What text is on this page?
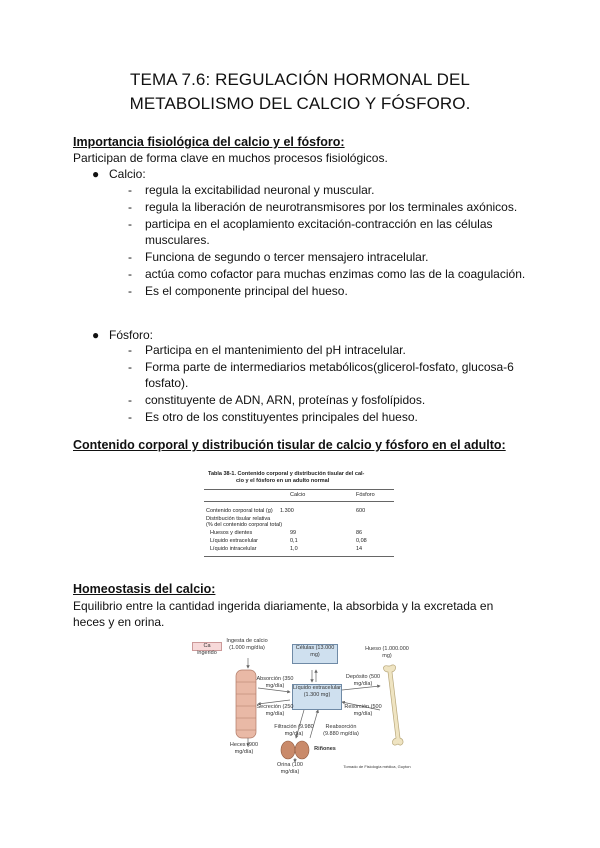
TEMA 7.6: REGULACIÓN HORMONAL DEL
METABOLISMO DEL CALCIO Y FÓSFORO.
Importancia fisiológica del calcio y el fósforo:
Participan de forma clave en muchos procesos fisiológicos.
● Calcio:
- regula la excitabilidad neuronal y muscular.
- regula la liberación de neurotransmisores por los terminales axónicos.
- participa en el acoplamiento excitación-contracción en las células musculares.
- Funciona de segundo o tercer mensajero intracelular.
- actúa como cofactor para muchas enzimas como las de la coagulación.
- Es el componente principal del hueso.
● Fósforo:
- Participa en el mantenimiento del pH intracelular.
- Forma parte de intermediarios metabólicos(glicerol-fosfato, glucosa-6 fosfato).
- constituyente de ADN, ARN, proteínas y fosfolípidos.
- Es otro de los constituyentes principales del hueso.
Contenido corporal y distribución tisular de calcio y fósforo en el adulto:
Tabla 38-1. Contenido corporal y distribución tisular del cal-
cio y el fósforo en un adulto normal
Calcio	Fósforo
Contenido corporal total (g) 1.300	600
Distribución tisular relativa
(% del contenido corporal total)
Huesos y dientes	99	86
Líquido extracelular	0,1	0,08
Líquido intracelular	1,0	14
Homeostasis del calcio:
Equilibrio entre la cantidad ingerida diariamente, la absorbida y la excretada en
heces y en orina.
Ca ingerido
Ingesta de calcio (1.000 mg/día)	Células (13.000 mg)
Hueso (1.000.000 mg)
Absorción (350 mg/día)	Líquido extracelular (1.300 mg)
Depósito (500 mg/día)
Secreción (250 mg/día)
Resorción (500 mg/día)
Filtración (9.980 mg/día)
Reabsorción (9.880 mg/día)
Heces (900 mg/día)	Riñones
Orina (100 mg/día)
Tomado de Fisiología médica, Guyton
